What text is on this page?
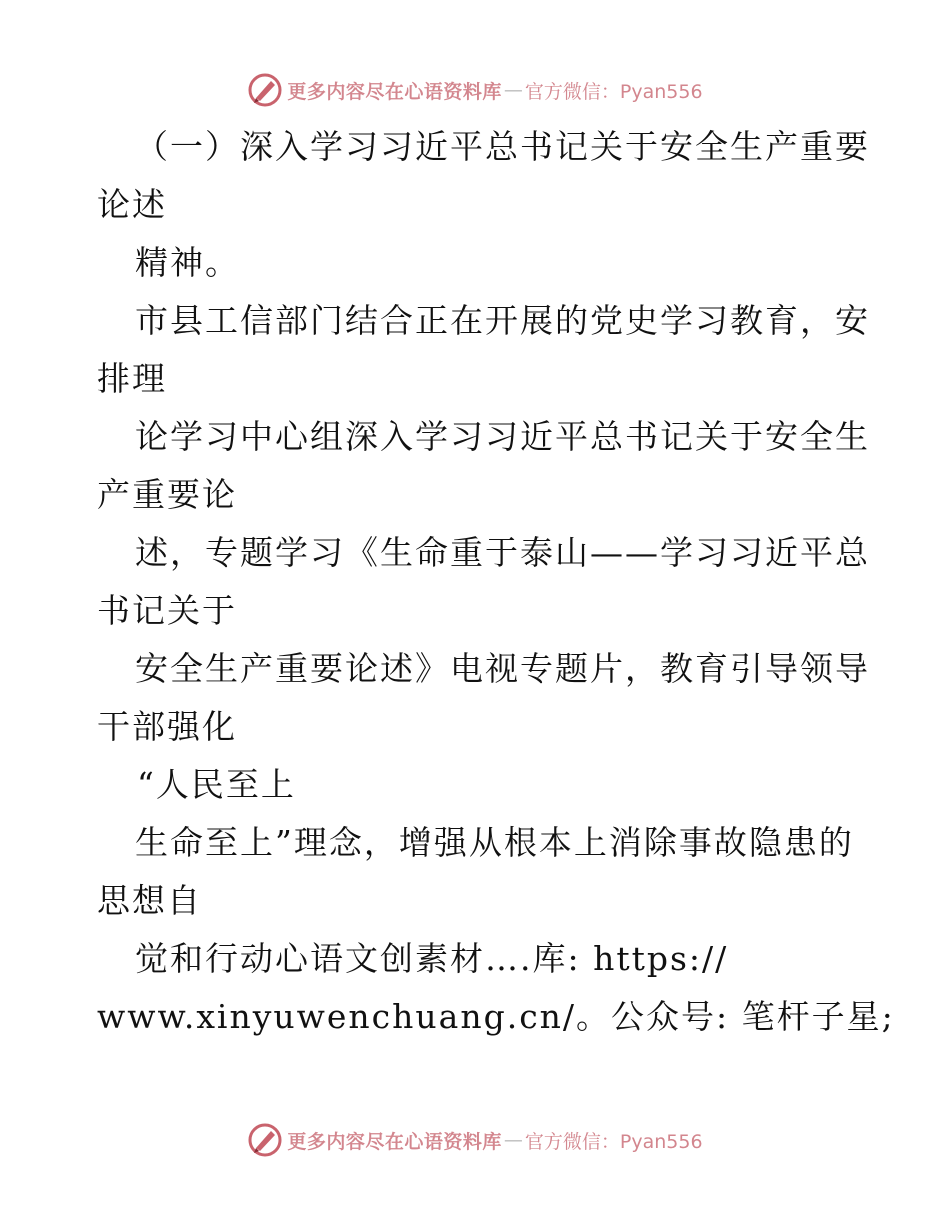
更多内容尽在心语资料库 — 官方微信：Pyan556
（一）深入学习习近平总书记关于安全生产重要
论述
精神。
市县工信部门结合正在开展的党史学习教育，安
排理
论学习中心组深入学习习近平总书记关于安全生
产重要论
述，专题学习《生命重于泰山——学习习近平总
书记关于
安全生产重要论述》电视专题片，教育引导领导
干部强化
“人民至上
生命至上”理念，增强从根本上消除事故隐患的
思想自
觉和行动心语文创素材….库: https://
www.xinyuwenchuang.cn/。公众号: 笔杆子星;
更多内容尽在心语资料库 — 官方微信：Pyan556
